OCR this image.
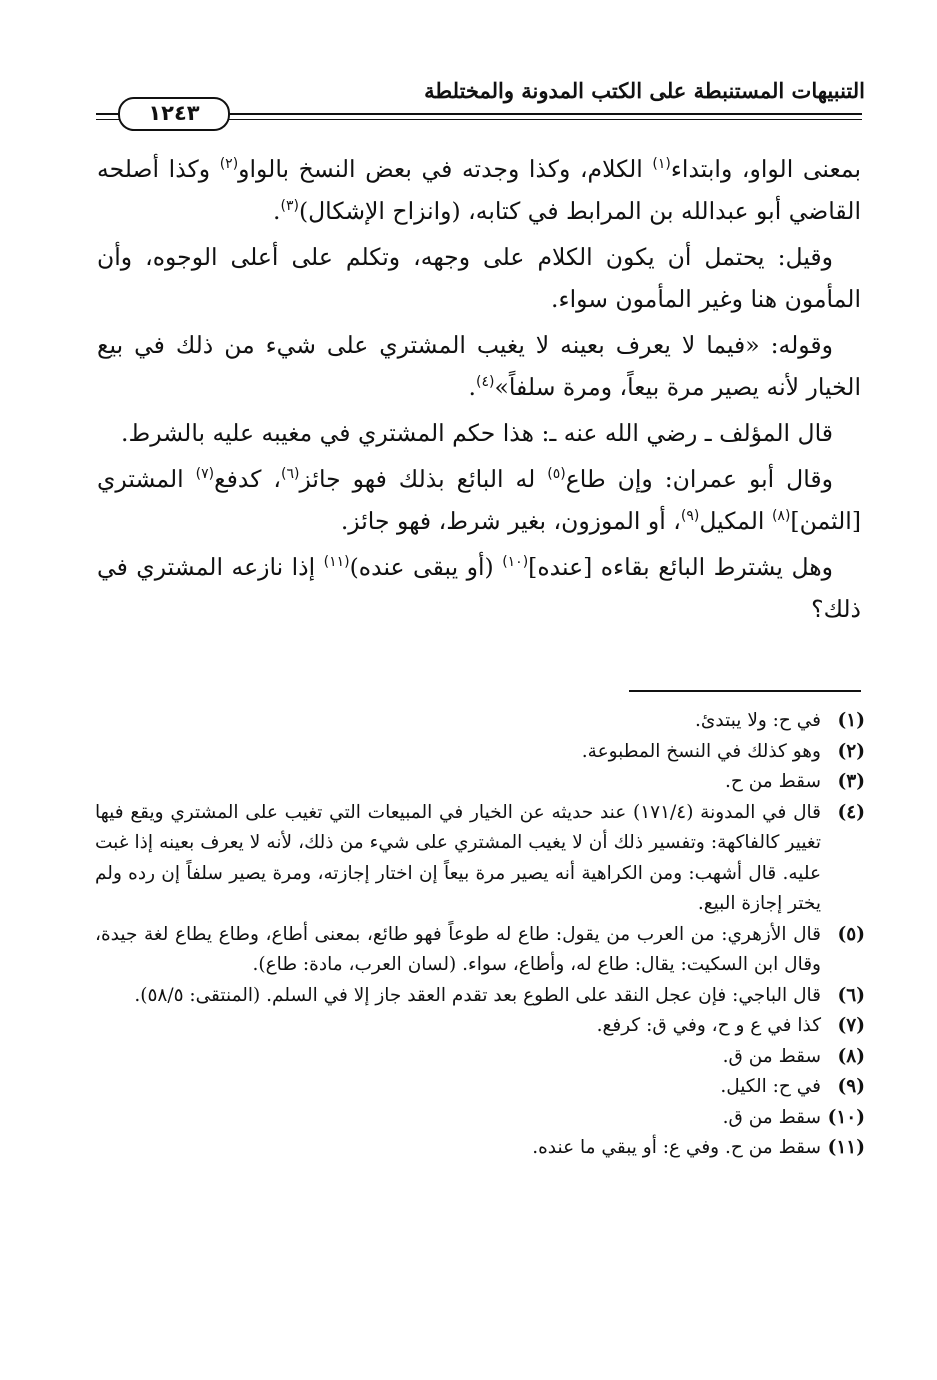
التنبيهات المستنبطة على الكتب المدونة والمختلطة
١٢٤٣

بمعنى الواو، وابتداء$^{(١)}$ الكلام، وكذا وجدته في بعض النسخ بالواو$^{(٢)}$ وكذا أصلحه القاضي أبو عبدالله بن المرابط في كتابه، (وانزاح الإشكال)$^{(٣)}$.

وقيل: يحتمل أن يكون الكلام على وجهه، وتكلم على أعلى الوجوه، وأن المأمون هنا وغير المأمون سواء.

وقوله: «فيما لا يعرف بعينه لا يغيب المشتري على شيء من ذلك في بيع الخيار لأنه يصير مرة بيعاً، ومرة سلفاً»$^{(٤)}$.

قال المؤلف ـ رضي الله عنه ـ: هذا حكم المشتري في مغيبه عليه بالشرط.

وقال أبو عمران: وإن طاع$^{(٥)}$ له البائع بذلك فهو جائز$^{(٦)}$، كدفع$^{(٧)}$ المشتري [الثمن]$^{(٨)}$ المكيل$^{(٩)}$، أو الموزون، بغير شرط، فهو جائز.

وهل يشترط البائع بقاءه [عنده]$^{(١٠)}$ (أو يبقى عنده)$^{(١١)}$ إذا نازعه المشتري في ذلك؟

(١)
في ح: ولا يبتدئ.
(٢)
وهو كذلك في النسخ المطبوعة.
(٣)
سقط من ح.
(٤)
قال في المدونة (١٧١/٤) عند حديثه عن الخيار في المبيعات التي تغيب على المشتري ويقع فيها تغيير كالفاكهة: وتفسير ذلك أن لا يغيب المشتري على شيء من ذلك، لأنه لا يعرف بعينه إذا غبت عليه. قال أشهب: ومن الكراهية أنه يصير مرة بيعاً إن اختار إجازته، ومرة يصير سلفاً إن رده ولم يختر إجازة البيع.
(٥)
قال الأزهري: من العرب من يقول: طاع له طوعاً فهو طائع، بمعنى أطاع، وطاع يطاع لغة جيدة، وقال ابن السكيت: يقال: طاع له، وأطاع، سواء. (لسان العرب، مادة: طاع).
(٦)
قال الباجي: فإن عجل النقد على الطوع بعد تقدم العقد جاز إلا في السلم. (المنتقى: ٥٨/٥).
(٧)
كذا في ع و ح، وفي ق: كرفع.
(٨)
سقط من ق.
(٩)
في ح: الكيل.
(١٠)
سقط من ق.
(١١)
سقط من ح. وفي ع: أو يبقي ما عنده.
